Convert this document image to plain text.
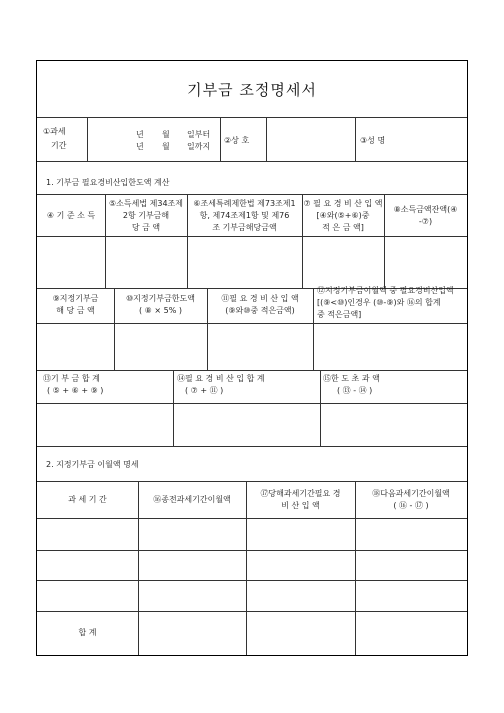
기부금 조정명세서
①과세
기간
년 월 일부터
년 월 일까지
②상 호	③성 명
1. 기부금 필요경비산입한도액 계산
④ 기 준 소 득
⑤소득세법 제34조제
2항 기부금해
당 금 액
⑥조세특례제한법 제73조제1
항, 제74조제1항 및 제76
조 기부금해당금액
⑦ 필 요 경 비 산 입 액
[④와(⑤+⑥)중
적 은 금 액]
⑧소득금액잔액(④
-⑦)
⑨지정기부금
해 당 금 액
⑩지정기부금한도액
( ⑧ × 5% )
⑪필 요 경 비 산 입 액
(⑨와⑩중 적은금액)
⑫지정기부금이월액 중 필요경비산입액
[(⑨<⑩)인경우 (⑩-⑨)와 ⑯의 합계
중 적은금액]
⑬기 부 금 합 계
( ⑤ + ⑥ + ⑨ )
⑭필 요 경 비 산 입 합 계
( ⑦ + ⑪ )
⑮한 도 초 과 액
( ⑬ - ⑭ )
2. 지정기부금 이월액 명세
과 세 기 간	⑯종전과세기간이월액
⑰당해과세기간필요 경
비 산 입 액
⑱다음과세기간이월액
( ⑯ - ⑰ )
합 계
